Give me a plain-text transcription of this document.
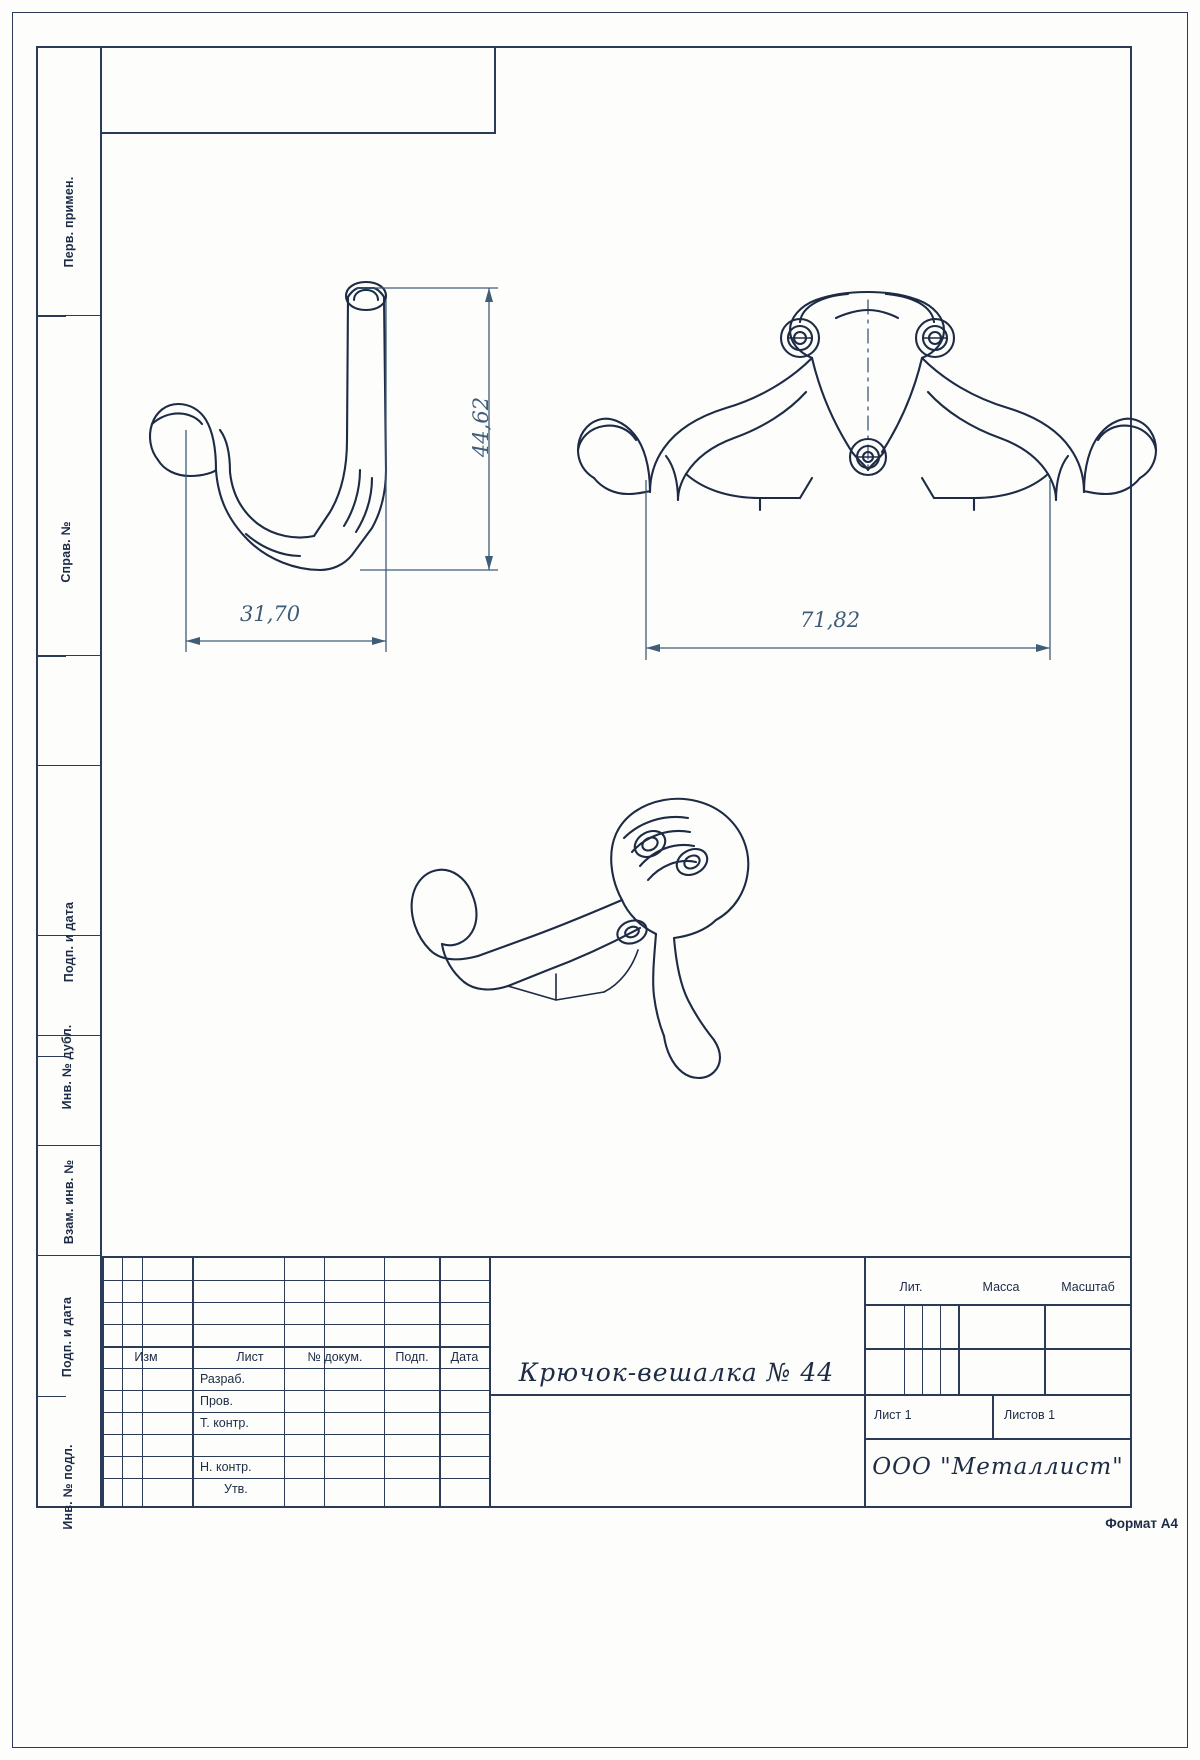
Перв. примен.
Справ. №
Подп. и дата
Инв. № дубл.
Взам. инв. №
Подп. и дата
Инв. № подл.
44,62
31,70	71,82
Изм	Лист	№ докум.	Подп.	Дата
Разраб.
Пров.
Т. контр.
Н. контр.
Утв.
Лит.	Масса	Масштаб
Лист 1	Листов 1
Крючок-вешалка № 44
ООО "Металлист"
Формат А4
